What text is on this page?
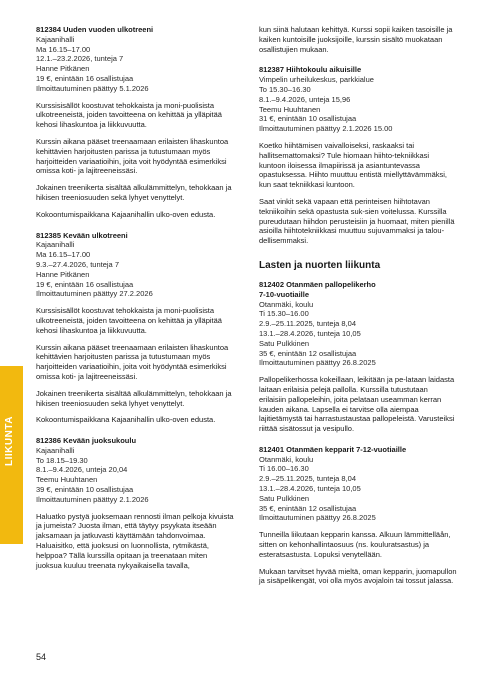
LIIKUNTA
812384 Uuden vuoden ulkotreeni
Kajaanihalli
Ma 16.15–17.00
12.1.–23.2.2026, tunteja 7
Hanne Pitkänen
19 €, enintään 16 osallistujaa
Ilmoittautuminen päättyy 5.1.2026

Kurssisisällöt koostuvat tehokkaista ja moni-puolisista ulkotreeneistä, joiden tavoitteena on kehittää ja ylläpitää kehosi lihaskuntoa ja liikkuvuutta.

Kurssin aikana pääset treenaamaan erilaisten lihaskuntoa kehittävien harjoitusten parissa ja tutustumaan myös harjoitteiden variaatioihin, joita voit hyödyntää esimerkiksi omissa koti- ja lajitreeneissäsi.

Jokainen treenikerta sisältää alkulämmittelyn, tehokkaan ja hikisen treeniosuuden sekä lyhyet venyttelyt.

Kokoontumispaikkana Kajaanihallin ulko-oven edusta.

812385 Kevään ulkotreeni
Kajaanihalli
Ma 16.15–17.00
9.3.–27.4.2026, tunteja 7
Hanne Pitkänen
19 €, enintään 16 osallistujaa
Ilmoittautuminen päättyy 27.2.2026

Kurssisisällöt koostuvat tehokkaista ja moni-puolisista ulkotreeneistä, joiden tavoitteena on kehittää ja ylläpitää kehosi lihaskuntoa ja liikkuvuutta.

Kurssin aikana pääset treenaamaan erilaisten lihaskuntoa kehittävien harjoitusten parissa ja tutustumaan myös harjoitteiden variaatioihin, joita voit hyödyntää esimerkiksi omissa koti- ja lajitreeneissäsi.

Jokainen treenikerta sisältää alkulämmittelyn, tehokkaan ja hikisen treeniosuuden sekä lyhyet venyttelyt.

Kokoontumispaikkana Kajaanihallin ulko-oven edusta.

812386 Kevään juoksukoulu
Kajaanihalli
To 18.15–19.30
8.1.–9.4.2026, unteja 20,04
Teemu Huuhtanen
39 €, enintään 10 osallistujaa
Ilmoittautuminen päättyy 2.1.2026

Haluatko pystyä juoksemaan rennosti ilman pelkoja kivuista ja jumeista? Juosta ilman, että täytyy psyykata itseään jaksamaan ja jatkuvasti käyttämään tahdonvoimaa. Haluaisitko, että juoksusi on luonnollista, rytmikästä, helppoa? Tällä kurssilla opitaan ja treenataan miten juoksua kuuluu treenata nykyaikaisella tavalla,

kun siinä halutaan kehittyä. Kurssi sopii kaiken tasoisille ja kaiken kuntoisille juoksijoille, kurssin sisältö muokataan osallistujien mukaan.

812387 Hiihtokoulu aikuisille
Vimpelin urheilukeskus, parkkialue
To 15.30–16.30
8.1.–9.4.2026, unteja 15,96
Teemu Huuhtanen
31 €, enintään 10 osallistujaa
Ilmoittautuminen päättyy 2.1.2026 15.00

Koetko hiihtämisen vaivalloiseksi, raskaaksi tai hallitsemattomaksi? Tule hiomaan hiihto-tekniikkasi kuntoon iloisessa ilmapiirissä ja asiantuntevassa opastuksessa. Hiihto muuttuu entistä miellyttävämmäksi, kun saat tekniikkasi kuntoon.

Saat vinkit sekä vapaan että perinteisen hiihtotavan tekniikoihin sekä opastusta suk-sien voitelussa. Kurssilla pureudutaan hiihdon perusteisiin ja huomaat, miten pienillä asioilla hiihtotekniikkasi muuttuu sujuvammaksi ja talou-dellisemmaksi.

Lasten ja nuorten liikunta
812402 Otanmäen pallopelikerho
7-10-vuotiaille
Otanmäki, koulu
Ti 15.30–16.00
2.9.–25.11.2025, tunteja 8,04
13.1.–28.4.2026, tunteja 10,05
Satu Pulkkinen
35 €, enintään 12 osallistujaa
Ilmoittautuminen päättyy 26.8.2025

Pallopelikerhossa kokeillaan, leikitään ja pe-lataan laidasta laitaan erilaisia pelejä pallolla. Kurssilla tutustutaan erilaisiin pallopeleihin, joita pelataan useamman kerran kauden aikana. Lapsella ei tarvitse olla aiempaa lajitietämystä tai harrastustaustaa pallopeleistä. Varusteiksi riittää sisätossut ja vesipullo.

812401 Otanmäen kepparit 7-12-vuotiaille
Otanmäki, koulu
Ti 16.00–16.30
2.9.–25.11.2025, tunteja 8,04
13.1.–28.4.2026, tunteja 10,05
Satu Pulkkinen
35 €, enintään 12 osallistujaa
Ilmoittautuminen päättyy 26.8.2025

Tunneilla liikutaan kepparin kanssa. Alkuun lämmittelläån, sitten on kehonhallintaosuus (ns. kouluratsastus) ja esteratsastusta. Lopuksi venytellään.

Mukaan tarvitset hyvää mieltä, oman kepparin, juomapullon ja sisäpelikengät, voi olla myös avojaloin tai tossut jalassa.

54
